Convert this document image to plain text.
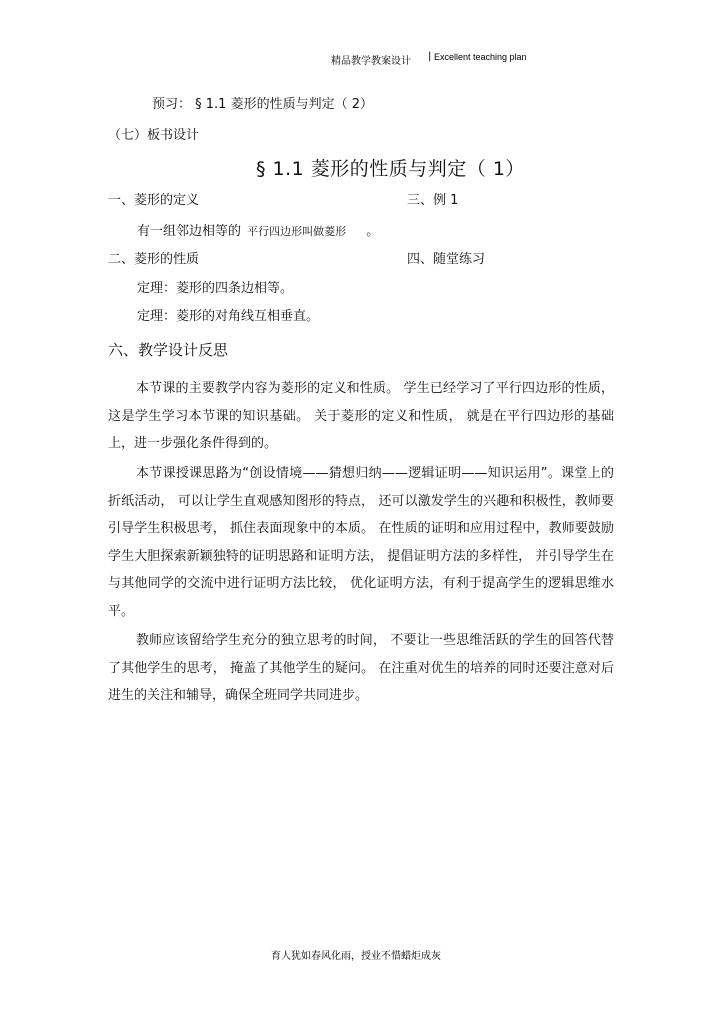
精品教学教案设计 | Excellent teaching plan
预习： § 1.1 菱形的性质与判定（ 2）
（七）板书设计
§ 1.1 菱形的性质与判定（ 1）
一、菱形的定义	三、例 1
有一组邻边相等的 平行四边形叫做菱形 。
二、菱形的性质	四、随堂练习
定理：菱形的四条边相等。
定理：菱形的对角线互相垂直。
六、教学设计反思
本节课的主要教学内容为菱形的定义和性质。 学生已经学习了平行四边形的性质，这是学生学习本节课的知识基础。 关于菱形的定义和性质， 就是在平行四边形的基础上，进一步强化条件得到的。
本节课授课思路为“创设情境——猜想归纳——逻辑证明——知识运用”。课堂上的折纸活动， 可以让学生直观感知图形的特点， 还可以激发学生的兴趣和积极性，教师要引导学生积极思考， 抓住表面现象中的本质。 在性质的证明和应用过程中，教师要鼓励学生大胆探索新颖独特的证明思路和证明方法， 提倡证明方法的多样性， 并引导学生在与其他同学的交流中进行证明方法比较， 优化证明方法，有利于提高学生的逻辑思维水平。
教师应该留给学生充分的独立思考的时间， 不要让一些思维活跃的学生的回答代替了其他学生的思考， 掩盖了其他学生的疑问。 在注重对优生的培养的同时还要注意对后进生的关注和辅导，确保全班同学共同进步。
育人犹如春风化雨，授业不惜蜡炬成灰
